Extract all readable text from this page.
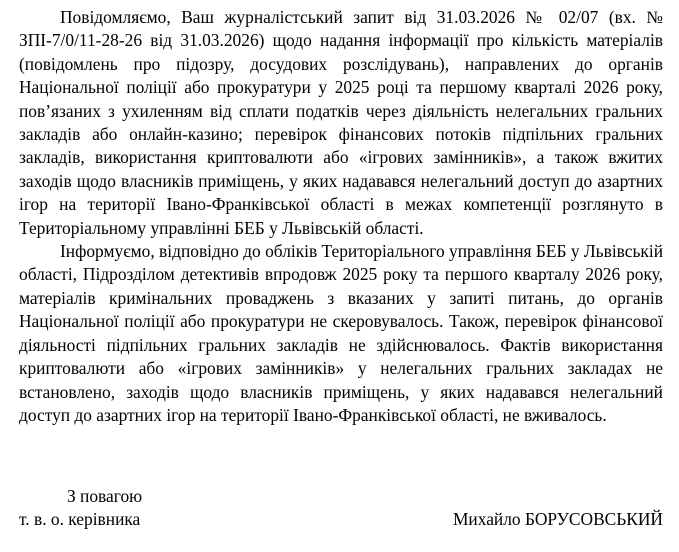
Повідомляємо, Ваш журналістський запит від 31.03.2026 № 02/07 (вх. № ЗПІ-7/0/11-28-26 від 31.03.2026) щодо надання інформації про кількість матеріалів (повідомлень про підозру, досудових розслідувань), направлених до органів Національної поліції або прокуратури у 2025 році та першому кварталі 2026 року, пов’язаних з ухиленням від сплати податків через діяльність нелегальних гральних закладів або онлайн-казино; перевірок фінансових потоків підпільних гральних закладів, використання криптовалюти або «ігрових замінників», а також вжитих заходів щодо власників приміщень, у яких надавався нелегальний доступ до азартних ігор на території Івано-Франківської області в межах компетенції розглянуто в Територіальному управлінні БЕБ у Львівській області.

Інформуємо, відповідно до обліків Територіального управління БЕБ у Львівській області, Підрозділом детективів впродовж 2025 року та першого кварталу 2026 року, матеріалів кримінальних проваджень з вказаних у запиті питань, до органів Національної поліції або прокуратури не скеровувалось. Також, перевірок фінансової діяльності підпільних гральних закладів не здійснювалось. Фактів використання криптовалюти або «ігрових замінників» у нелегальних гральних закладах не встановлено, заходів щодо власників приміщень, у яких надавався нелегальний доступ до азартних ігор на території Івано-Франківської області, не вживалось.

З повагою

т. в. о. керівника	Михайло БОРУСОВСЬКИЙ
